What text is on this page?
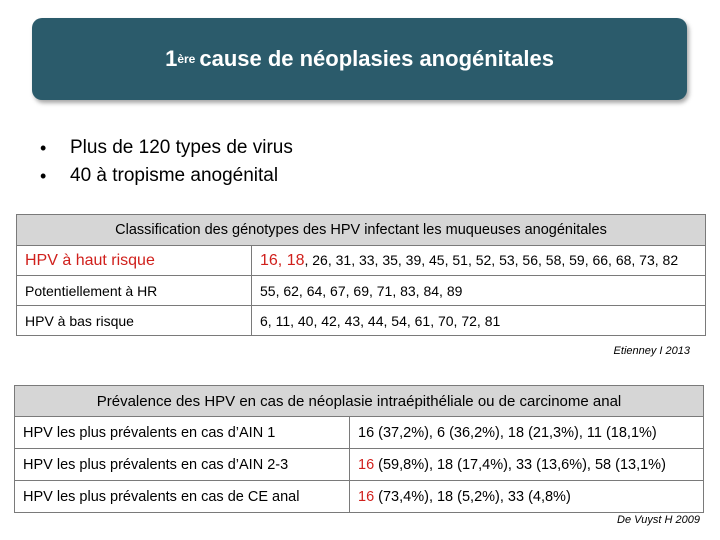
1 ère cause de néoplasies anogénitales
•	Plus de 120 types de virus
•	40 à tropisme anogénital
Classification des génotypes des HPV infectant les muqueuses anogénitales	
HPV à haut risque	16, 18, 26, 31, 33, 35, 39, 45, 51, 52, 53, 56, 58, 59, 66, 68, 73, 82
Potentiellement à HR	55, 62, 64, 67, 69, 71, 83, 84, 89
HPV à bas risque	6, 11, 40, 42, 43, 44, 54, 61, 70, 72, 81
Etienney I 2013
Prévalence des HPV en cas de néoplasie intraépithéliale ou de carcinome anal	
HPV les plus prévalents en cas d’AIN 1	16 (37,2%), 6 (36,2%), 18 (21,3%), 11 (18,1%)
HPV les plus prévalents en cas d’AIN 2-3	16 (59,8%), 18 (17,4%), 33 (13,6%), 58 (13,1%)
HPV les plus prévalents en cas de CE anal	16 (73,4%), 18 (5,2%), 33 (4,8%)
De Vuyst H 2009
